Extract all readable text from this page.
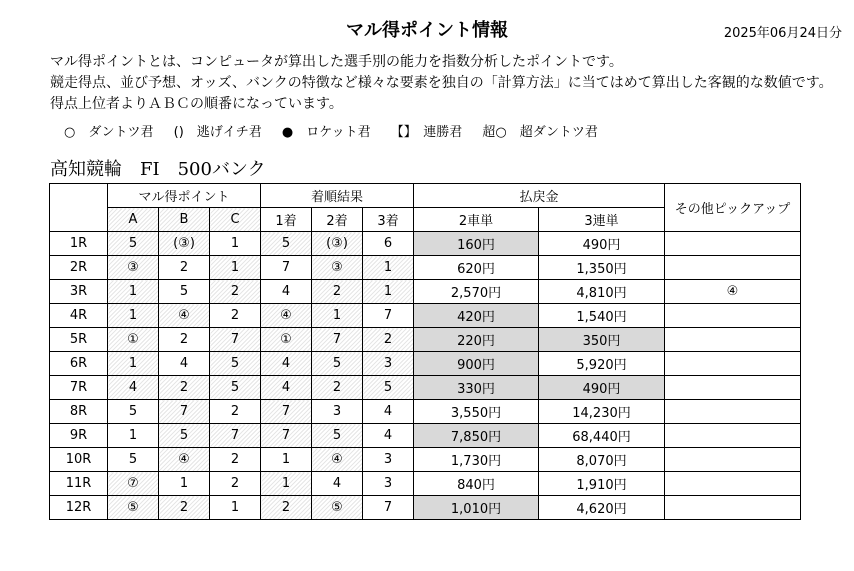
マル得ポイント情報	2025年06月24日分

マル得ポイントとは、コンピュータが算出した選手別の能力を指数分析したポイントです。

競走得点、並び予想、オッズ、バンクの特徴など様々な要素を独自の「計算方法」に当てはめて算出した客観的な数値です。得点上位者よりＡＢＣの順番になっています。

○　ダントツ君 ()　逃げイチ君 ●　ロケット君 【】　連勝君 超○　超ダントツ君
高知競輪　FI　500バンク
	マル得ポイント			着順結果			払戻金		その他ピックアップ
	A	B	C	1着	2着	3着	2車単	3連単	
1R	5	(③)	1	5	(③)	6	160円	490円	
2R	③	2	1	7	③	1	620円	1,350円	
3R	1	5	2	4	2	1	2,570円	4,810円	④
4R	1	④	2	④	1	7	420円	1,540円	
5R	①	2	7	①	7	2	220円	350円	
6R	1	4	5	4	5	3	900円	5,920円	
7R	4	2	5	4	2	5	330円	490円	
8R	5	7	2	7	3	4	3,550円	14,230円	
9R	1	5	7	7	5	4	7,850円	68,440円	
10R	5	④	2	1	④	3	1,730円	8,070円	
11R	⑦	1	2	1	4	3	840円	1,910円	
12R	⑤	2	1	2	⑤	7	1,010円	4,620円	
